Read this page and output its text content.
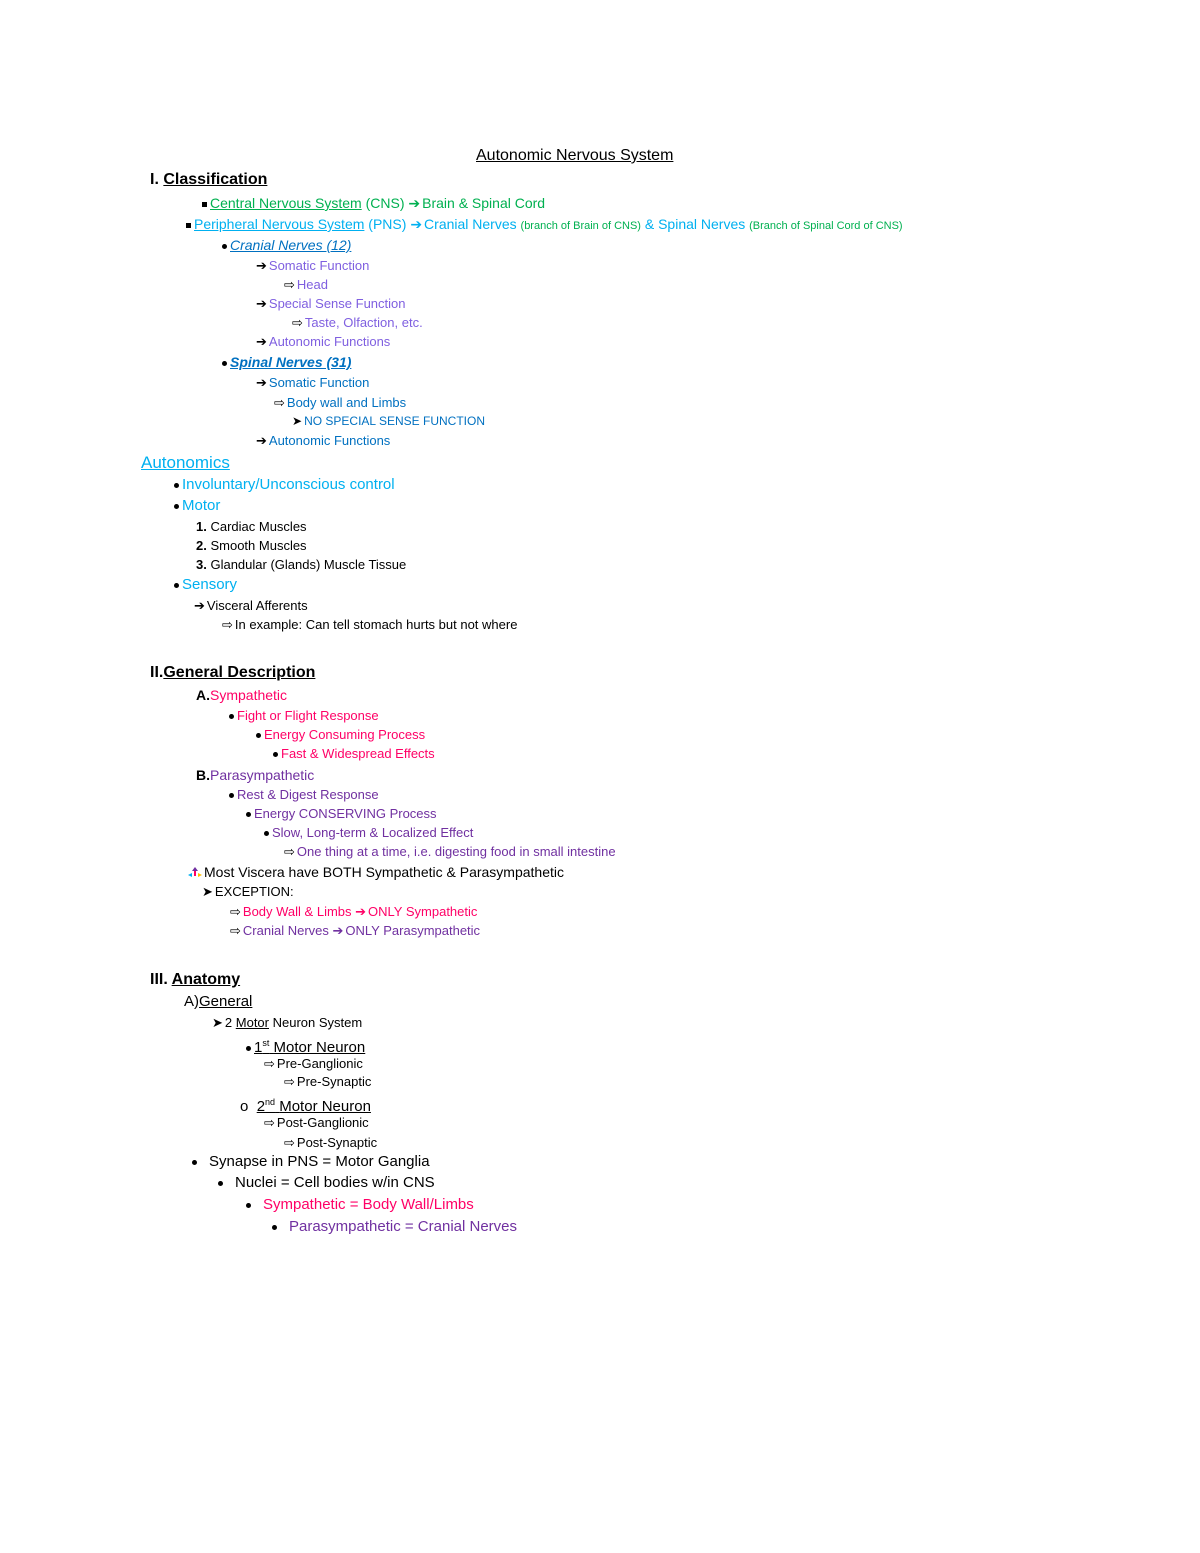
Autonomic Nervous System
I. Classification
Central Nervous System (CNS) ➔ Brain & Spinal Cord
Peripheral Nervous System (PNS) ➔ Cranial Nerves (branch of Brain of CNS) & Spinal Nerves (Branch of Spinal Cord of CNS)
Cranial Nerves (12)
➔ Somatic Function
⇨ Head
➔ Special Sense Function
⇨ Taste, Olfaction, etc.
➔ Autonomic Functions
Spinal Nerves (31)
➔ Somatic Function
⇨ Body wall and Limbs
➤ NO SPECIAL SENSE FUNCTION
➔ Autonomic Functions
Autonomics
Involuntary/Unconscious control
Motor
1. Cardiac Muscles
2. Smooth Muscles
3. Glandular (Glands) Muscle Tissue
Sensory
➔ Visceral Afferents
⇨ In example: Can tell stomach hurts but not where
II.General Description
A.Sympathetic
Fight or Flight Response
Energy Consuming Process
Fast & Widespread Effects
B.Parasympathetic
Rest & Digest Response
Energy CONSERVING Process
Slow, Long-term & Localized Effect
⇨ One thing at a time, i.e. digesting food in small intestine
Most Viscera have BOTH Sympathetic & Parasympathetic
➤ EXCEPTION:
⇨ Body Wall & Limbs ➔ ONLY Sympathetic
⇨ Cranial Nerves ➔ ONLY Parasympathetic
III. Anatomy
A)General
➤ 2 Motor Neuron System
1st Motor Neuron
⇨ Pre-Ganglionic
⇨ Pre-Synaptic
o 2nd Motor Neuron
⇨ Post-Ganglionic
⇨ Post-Synaptic
Synapse in PNS = Motor Ganglia
Nuclei = Cell bodies w/in CNS
Sympathetic = Body Wall/Limbs
Parasympathetic = Cranial Nerves
